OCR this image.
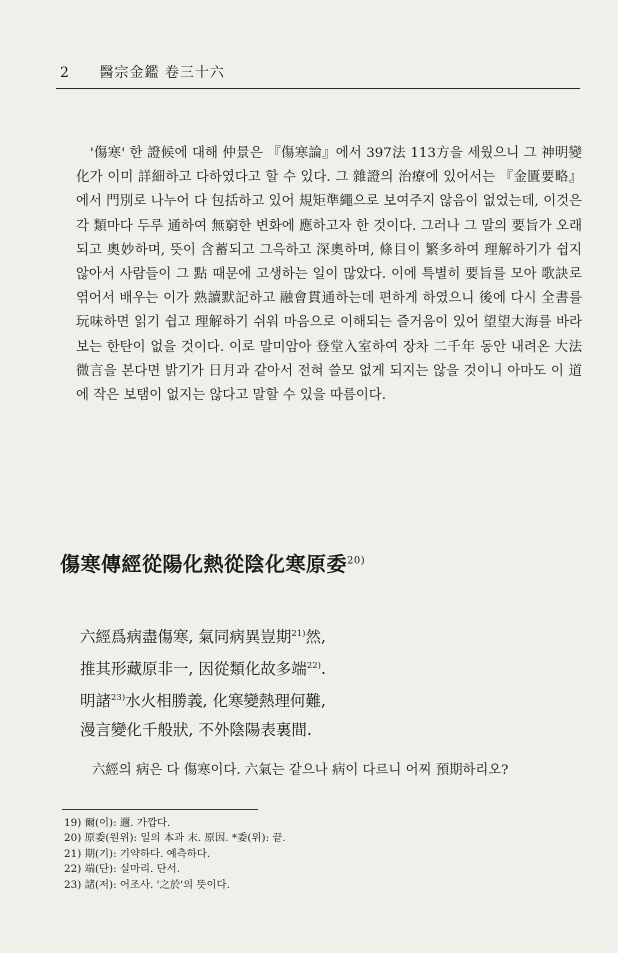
2 醫宗金鑑 卷三十六

'傷寒' 한 證候에 대해 仲景은 『傷寒論』에서 397法 113方을 세웠으니 그 神明變化가 이미 詳細하고 다하였다고 할 수 있다. 그 雜證의 治療에 있어서는 『金匱要略』에서 門別로 나누어 다 包括하고 있어 規矩準繩으로 보여주지 않음이 없었는데, 이것은 각 類마다 두루 通하여 無窮한 변화에 應하고자 한 것이다. 그러나 그 말의 要旨가 오래되고 奧妙하며, 뜻이 含蓄되고 그윽하고 深奧하며, 條目이 繁多하여 理解하기가 쉽지 않아서 사람들이 그 點 때문에 고생하는 일이 많았다. 이에 특별히 要旨를 모아 歌訣로 엮어서 배우는 이가 熟讀默記하고 融會貫通하는데 편하게 하였으니 後에 다시 全書를 玩味하면 읽기 쉽고 理解하기 쉬워 마음으로 이해되는 즐거움이 있어 望望大海를 바라보는 한탄이 없을 것이다. 이로 말미암아 登堂入室하여 장차 二千年 동안 내려온 大法微言을 본다면 밝기가 日月과 같아서 전혀 쓸모 없게 되지는 않을 것이니 아마도 이 道에 작은 보탬이 없지는 않다고 말할 수 있을 따름이다.

傷寒傳經從陽化熱從陰化寒原委$^{20)}$
六經爲病盡傷寒, 氣同病異豈期$^{21)}$然,
推其形藏原非一, 因從類化故多端$^{22)}$.
明諸$^{23)}$水火相勝義, 化寒變熱理何難,
漫言變化千般狀, 不外陰陽表裏間.
六經의 病은 다 傷寒이다. 六氣는 같으나 病이 다르니 어찌 預期하리오?
19) 爾(이): 邇. 가깝다.
20) 原委(원위): 일의 本과 末. 原因. *委(위): 끝.
21) 期(기): 기약하다. 예측하다.
22) 端(단): 실마리. 단서.
23) 諸(저): 어조사. '之於'의 뜻이다.
